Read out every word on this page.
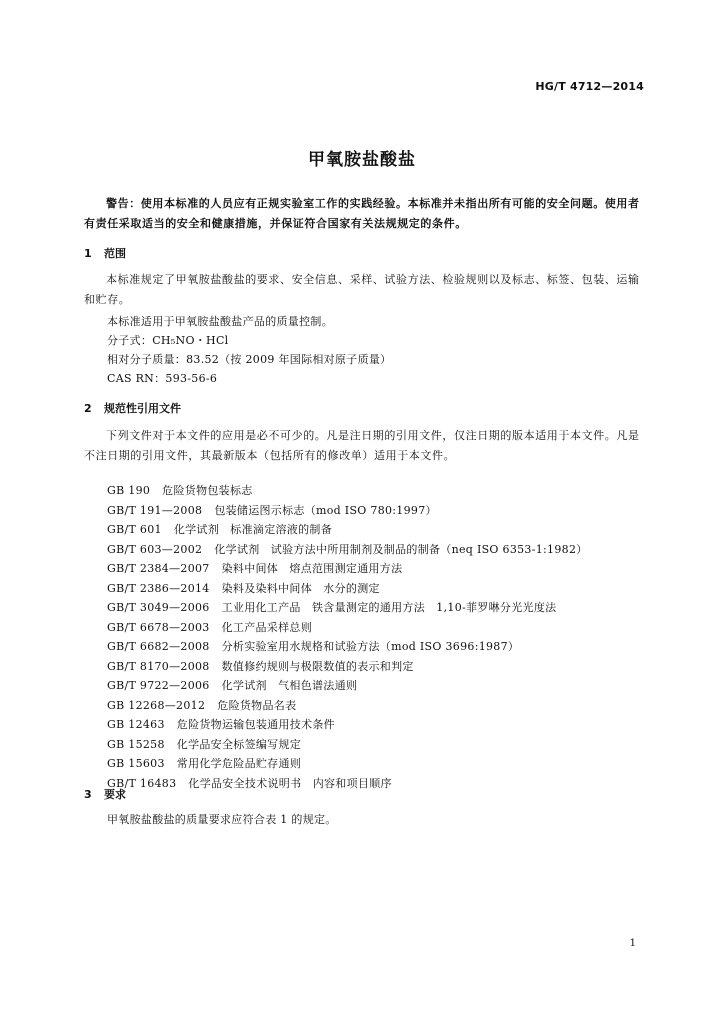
HG/T 4712—2014
甲氧胺盐酸盐
警告：使用本标准的人员应有正规实验室工作的实践经验。本标准并未指出所有可能的安全问题。使用者有责任采取适当的安全和健康措施，并保证符合国家有关法规规定的条件。
1 范围
本标准规定了甲氧胺盐酸盐的要求、安全信息、采样、试验方法、检验规则以及标志、标签、包装、运输和贮存。
本标准适用于甲氧胺盐酸盐产品的质量控制。
分子式：CH₅NO・HCl
相对分子质量：83.52（按 2009 年国际相对原子质量）
CAS RN：593-56-6
2 规范性引用文件
下列文件对于本文件的应用是必不可少的。凡是注日期的引用文件，仅注日期的版本适用于本文件。凡是不注日期的引用文件，其最新版本（包括所有的修改单）适用于本文件。
GB 190 危险货物包装标志
GB/T 191—2008 包装储运图示标志（mod ISO 780:1997）
GB/T 601 化学试剂　标准滴定溶液的制备
GB/T 603—2002 化学试剂　试验方法中所用制剂及制品的制备（neq ISO 6353-1:1982）
GB/T 2384—2007 染料中间体　熔点范围测定通用方法
GB/T 2386—2014 染料及染料中间体　水分的测定
GB/T 3049—2006 工业用化工产品　铁含量测定的通用方法　1,10-菲罗啉分光光度法
GB/T 6678—2003 化工产品采样总则
GB/T 6682—2008 分析实验室用水规格和试验方法（mod ISO 3696:1987）
GB/T 8170—2008 数值修约规则与极限数值的表示和判定
GB/T 9722—2006 化学试剂　气相色谱法通则
GB 12268—2012 危险货物品名表
GB 12463 危险货物运输包装通用技术条件
GB 15258 化学品安全标签编写规定
GB 15603 常用化学危险品贮存通则
GB/T 16483 化学品安全技术说明书　内容和项目顺序
3 要求
甲氧胺盐酸盐的质量要求应符合表 1 的规定。
1
